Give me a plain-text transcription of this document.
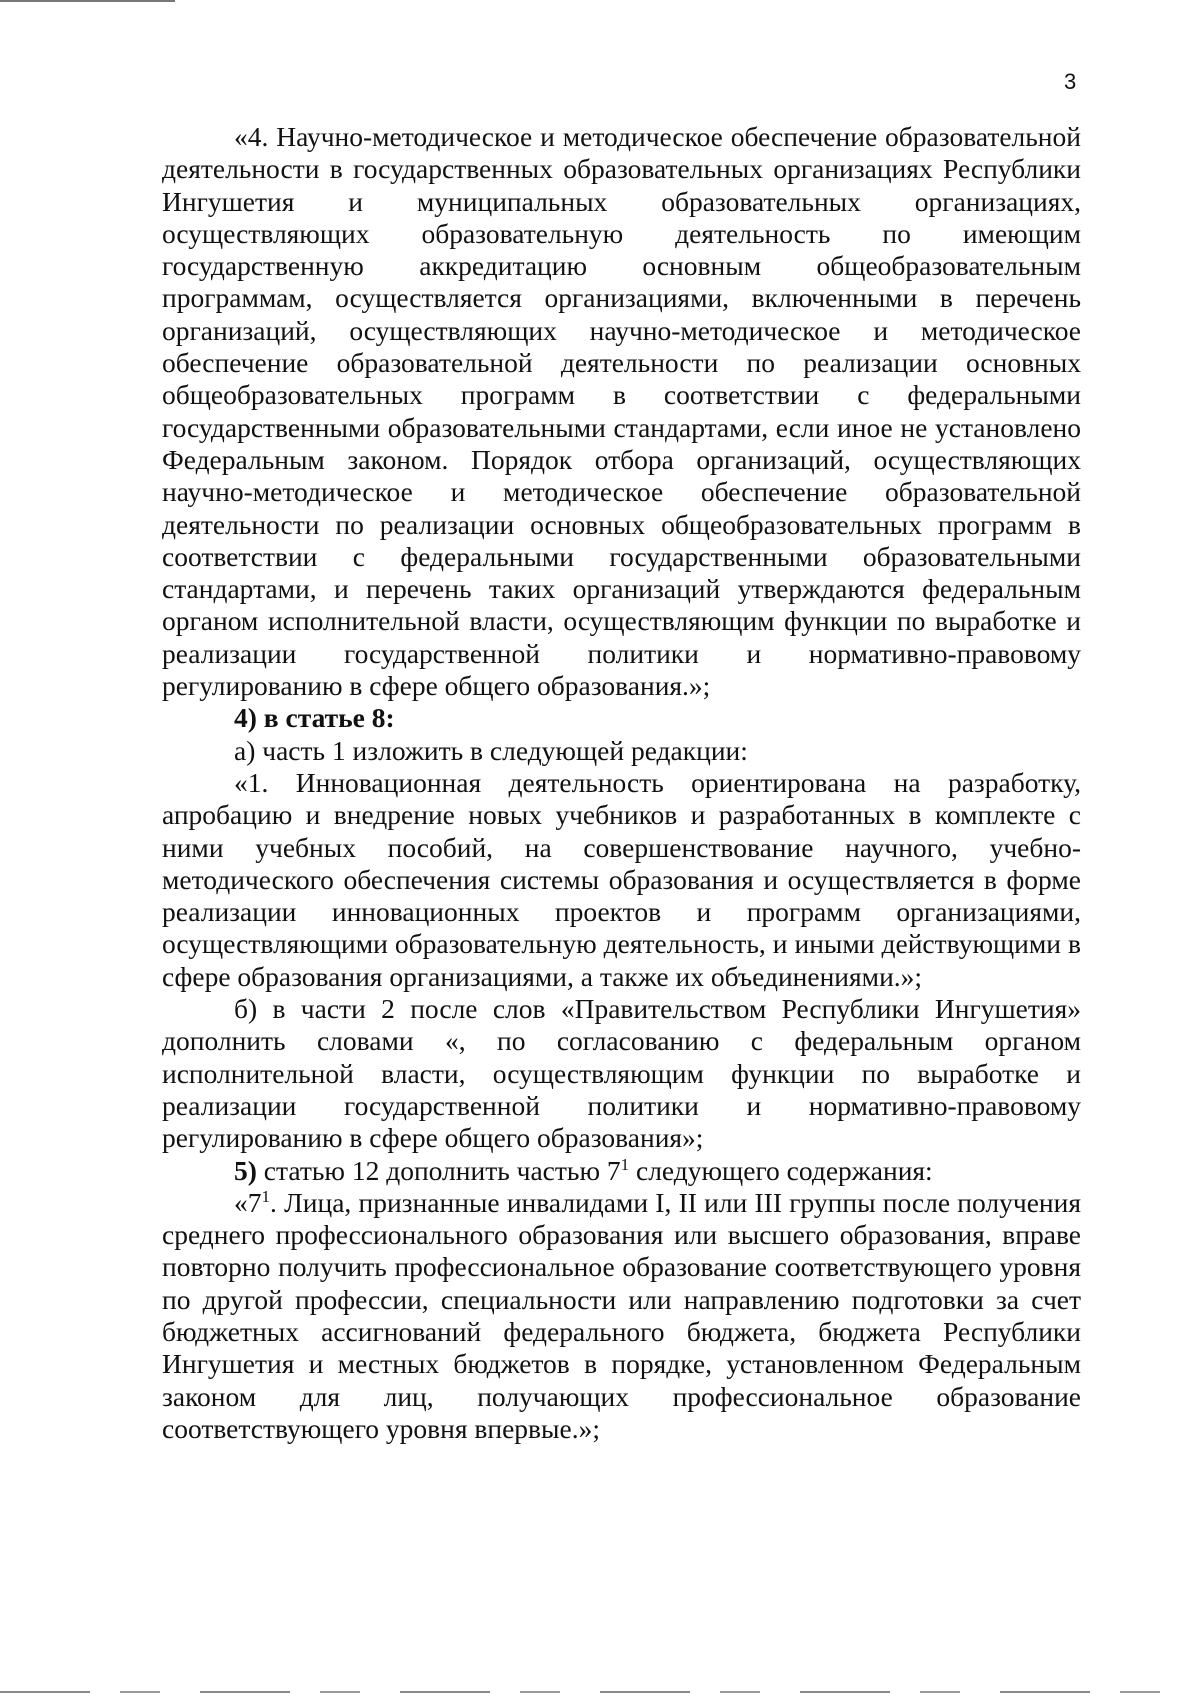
3

«4. Научно-методическое и методическое обеспечение образовательной деятельности в государственных образовательных организациях Республики Ингушетия и муниципальных образовательных организациях, осуществляющих образовательную деятельность по имеющим государственную аккредитацию основным общеобразовательным программам, осуществляется организациями, включенными в перечень организаций, осуществляющих научно-методическое и методическое обеспечение образовательной деятельности по реализации основных общеобразовательных программ в соответствии с федеральными государственными образовательными стандартами, если иное не установлено Федеральным законом. Порядок отбора организаций, осуществляющих научно-методическое и методическое обеспечение образовательной деятельности по реализации основных общеобразовательных программ в соответствии с федеральными государственными образовательными стандартами, и перечень таких организаций утверждаются федеральным органом исполнительной власти, осуществляющим функции по выработке и реализации государственной политики и нормативно-правовому регулированию в сфере общего образования.»;

4) в статье 8:

а) часть 1 изложить в следующей редакции:

«1. Инновационная деятельность ориентирована на разработку, апробацию и внедрение новых учебников и разработанных в комплекте с ними учебных пособий, на совершенствование научного, учебно-методического обеспечения системы образования и осуществляется в форме реализации инновационных проектов и программ организациями, осуществляющими образовательную деятельность, и иными действующими в сфере образования организациями, а также их объединениями.»;

б) в части 2 после слов «Правительством Республики Ингушетия» дополнить словами «, по согласованию с федеральным органом исполнительной власти, осуществляющим функции по выработке и реализации государственной политики и нормативно-правовому регулированию в сфере общего образования»;

5) статью 12 дополнить частью $7^1$ следующего содержания:

«$7^1$. Лица, признанные инвалидами I, II или III группы после получения среднего профессионального образования или высшего образования, вправе повторно получить профессиональное образование соответствующего уровня по другой профессии, специальности или направлению подготовки за счет бюджетных ассигнований федерального бюджета, бюджета Республики Ингушетия и местных бюджетов в порядке, установленном Федеральным законом для лиц, получающих профессиональное образование соответствующего уровня впервые.»;
